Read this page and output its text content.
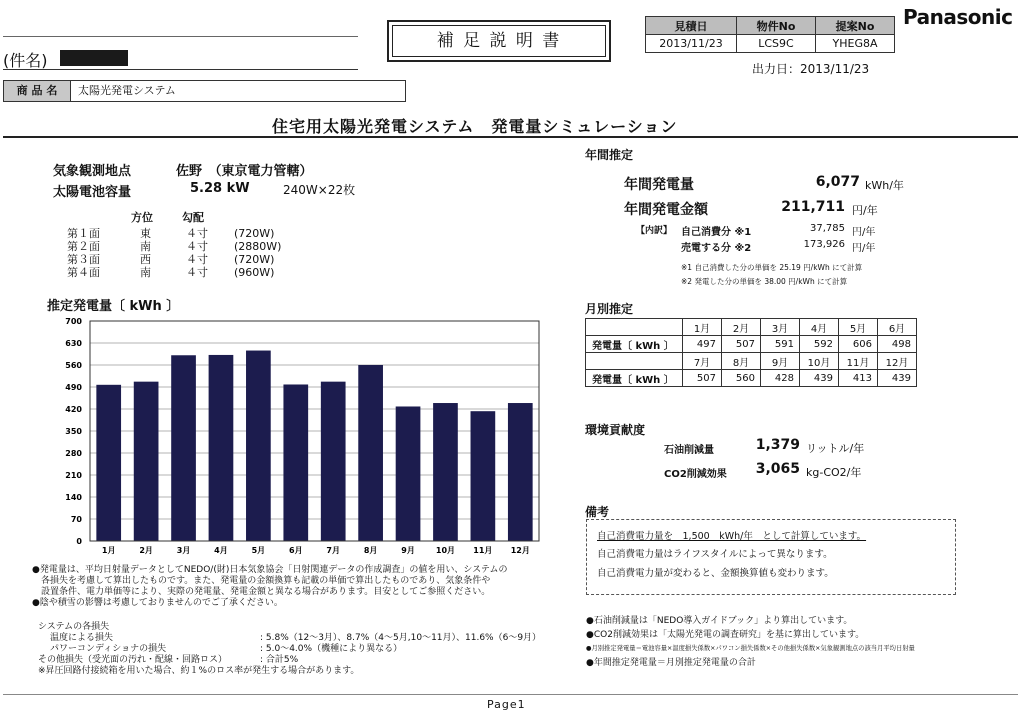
(件名)
補 足 説 明 書
見積日	物件No	提案No
2013/11/23	LCS9C	YHEG8A
出力日：2013/11/23
Panasonic
商 品 名	太陽光発電システム
住宅用太陽光発電システム　発電量シミュレーション
気象観測地点	佐野　（東京電力管轄）
太陽電池容量	5.28 kW	240W×22枚
方位	勾配
第１面	東	４寸 (720W)
第２面	南	４寸 (2880W)
第３面	西	４寸 (720W)
第４面	南	４寸 (960W)
推定発電量〔 kWh 〕
0
70
140
210
280
350
420
490
560
630
700
1月	2月	3月	4月	5月	6月	7月	8月	9月	10月 11月 12月
●発電量は、平均日射量データとしてNEDO/(財)日本気象協会「日射関連データの作成調査」の値を用い、システムの
　各損失を考慮して算出したものです。また、発電量の金額換算も記載の単価で算出したものであり、気象条件や
　設置条件、電力単価等により、実際の発電量、発電金額と異なる場合があります。目安としてご参照ください。
●陰や積雪の影響は考慮しておりませんのでご了承ください。
システムの各損失
温度による損失	: 5.8%（12～3月）、8.7%（4～5月,10～11月）、11.6%（6～9月）
パワーコンディショナの損失	: 5.0～4.0%（機種により異なる）
その他損失（受光面の汚れ・配線・回路ロス）	: 合計5%
※昇圧回路付接続箱を用いた場合、約１%のロス率が発生する場合があります。
年間推定
年間発電量	6,077 kWh/年
年間発電金額	211,711 円/年
【内訳】 自己消費分 ※1	37,785 円/年
売電する分 ※2	173,926 円/年
※1 自己消費した分の単価を 25.19 円/kWh にて計算
※2 発電した分の単価を 38.00 円/kWh にて計算
月別推定
	1月	2月	3月	4月	5月	6月
発電量〔 kWh 〕	497	507	591	592	606	498
	7月	8月	9月	10月	11月	12月
発電量〔 kWh 〕	507	560	428	439	413	439
環境貢献度
石油削減量	1,379 リットル/年
CO2削減効果	3,065 kg-CO2/年
備考
自己消費電力量を　1,500　kWh/年　として計算しています。
自己消費電力量はライフスタイルによって異なります。
自己消費電力量が変わると、金額換算値も変わります。
●石油削減量は「NEDO導入ガイドブック」より算出しています。
●CO2削減効果は「太陽光発電の調査研究」を基に算出しています。
●月別推定発電量＝電池容量×温度損失係数×パワコン損失係数×その他損失係数×気象観測地点の該当月平均日射量
●年間推定発電量＝月別推定発電量の合計
Page1
